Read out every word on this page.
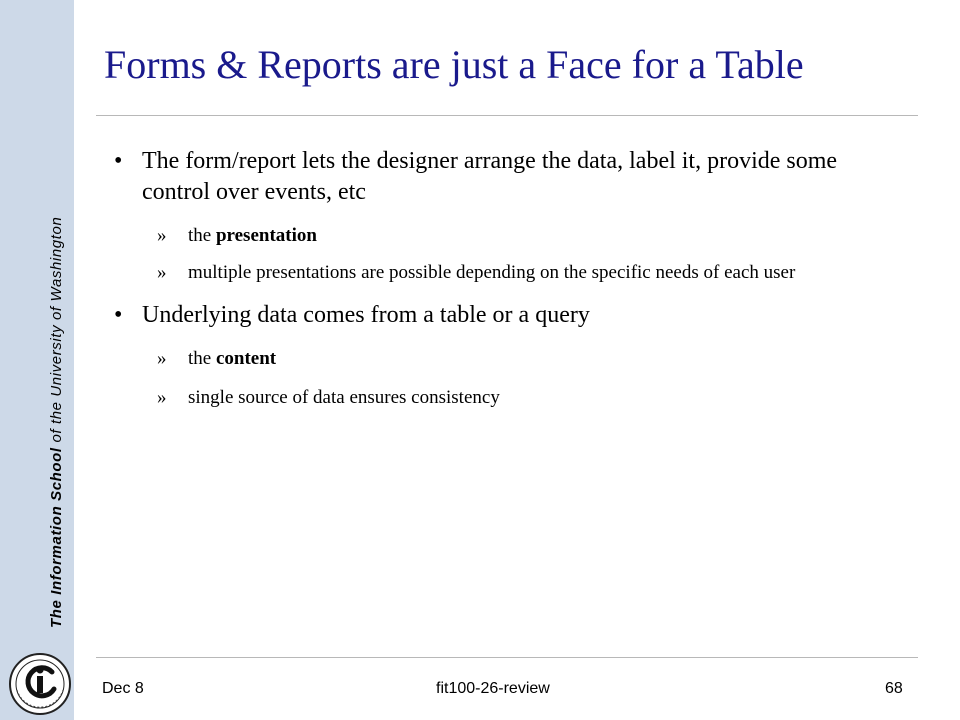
The Information School of the University of Washington
Forms & Reports are just a Face for a Table
• The form/report lets the designer arrange the data, label it, provide some control over events, etc
» the presentation
» multiple presentations are possible depending on the specific needs of each user
• Underlying data comes from a table or a query
» the content
» single source of data ensures consistency
Dec 8	fit100-26-review	68
